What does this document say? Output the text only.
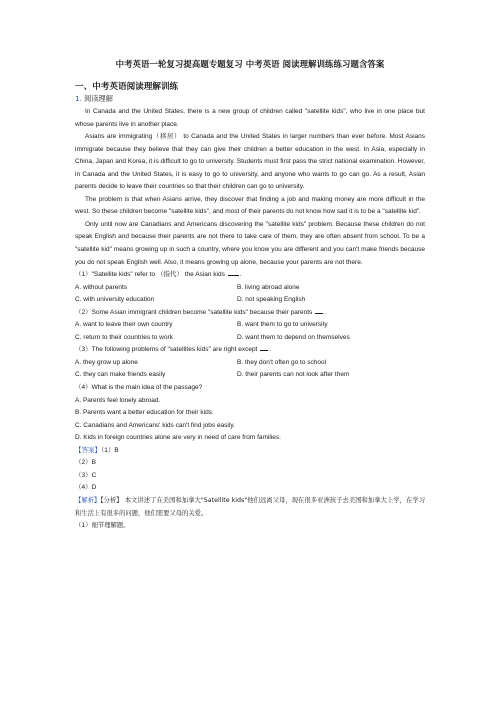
中考英语一轮复习提高题专题复习 中考英语 阅读理解训练练习题含答案
一、中考英语阅读理解训练
1. 阅读理解

In Canada and the United States, there is a new group of children called "satellite kids", who live in one place but whose parents live in another place.

Asians are immigrating（移居） to Canada and the United States in larger numbers than ever before. Most Asians immigrate because they believe that they can give their children a better education in the west. In Asia, especially in China, Japan and Korea, it is difficult to go to university. Students must first pass the strict national examination. However, in Canada and the United States, it is easy to go to university, and anyone who wants to go can go. As a result, Asian parents decide to leave their countries so that their children can go to university.

The problem is that when Asians arrive, they discover that finding a job and making money are more difficult in the west. So these children become "satellite kids", and most of their parents do not know how sad it is to be a "satellite kid".

Only until now are Canadians and Americans discovering the "satellite kids" problem. Because these children do not speak English and because their parents are not there to take care of them, they are often absent from school. To be a "satellite kid" means growing up in such a country, where you know you are different and you can't make friends because you do not speak English well. Also, it means growing up alone, because your parents are not there.

（1）"Satellite kids" refer to （指代） the Asian kids .
A. without parents	B. living abroad alone
C. with university education	D. not speaking English
（2）Some Asian immigrant children become "satellite kids" because their parents .
A. want to leave their own country	B. want them to go to university
C. return to their countries to work	D. want them to depend on themselves
（3）The following problems of "satellites kids" are right except .
A. they grow up alone	B. they don't often go to school
C. they can make friends easily	D. their parents can not look after them
（4）What is the main idea of the passage?
A. Parents feel lonely abroad.
B. Parents want a better education for their kids.
C. Canadians and Americans' kids can't find jobs easily.
D. Kids in foreign countries alone are very in need of care from families.
【答案】（1）B
（2）B
（3）C
（4）D

【解析】【分析】 本文讲述了在美国和加拿大"Satellite kids"他们远离父母，现在很多亚洲孩子去美国和加拿大上学，在学习和生活上有很多的问题，他们需要父母的关爱。

（1）细节理解题。
